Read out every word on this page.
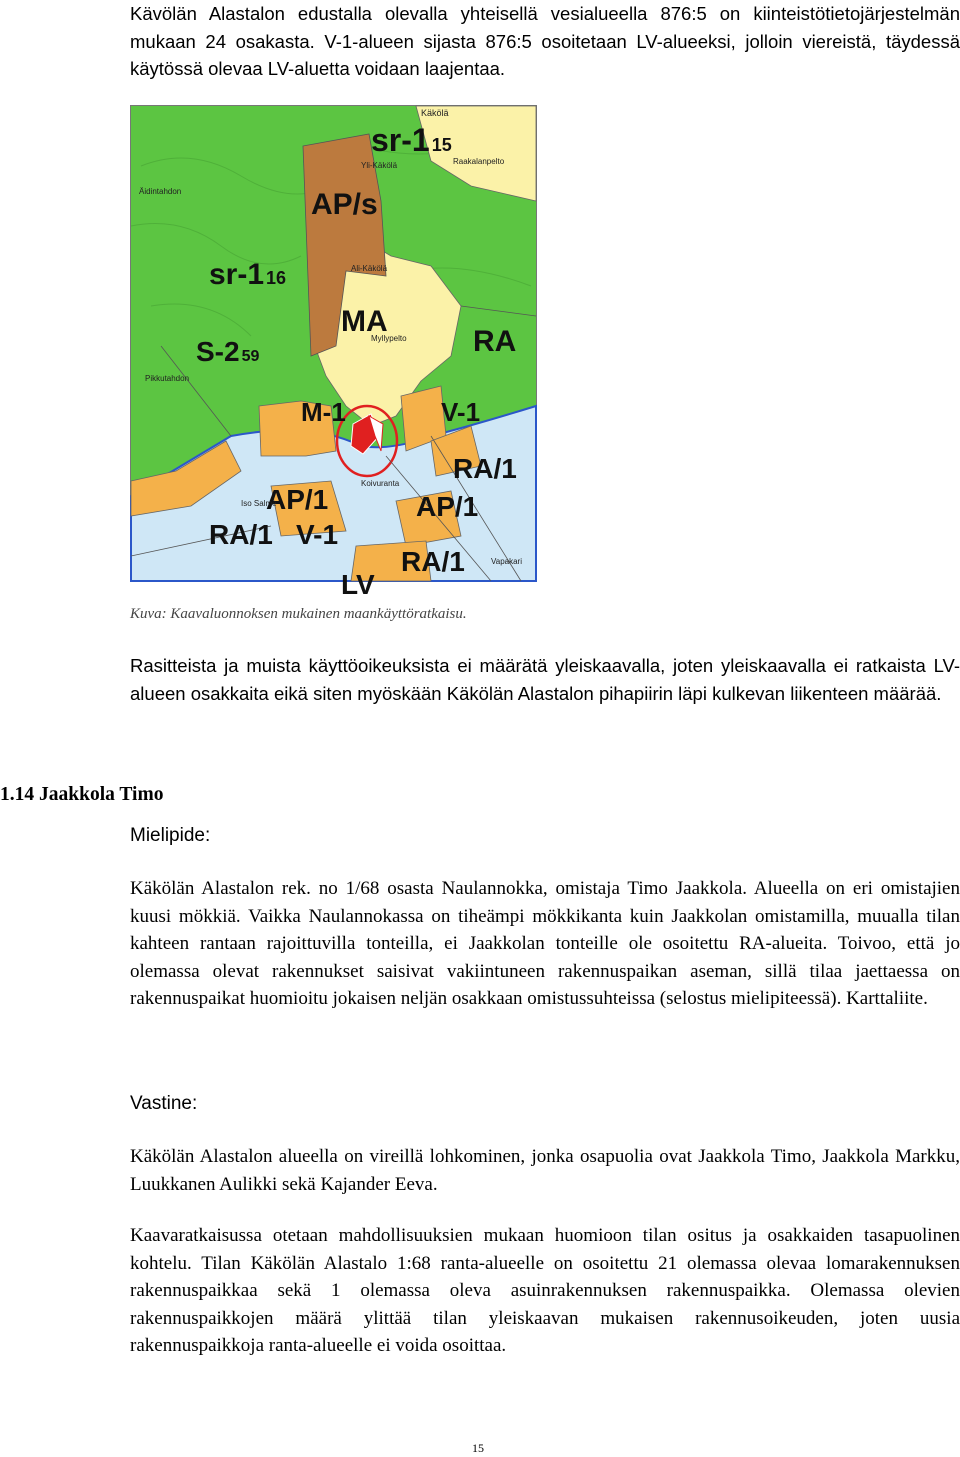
Kävölän Alastalon edustalla olevalla yhteisellä vesialueella 876:5 on kiinteistötietojärjestelmän mukaan 24 osakasta. V-1-alueen sijasta 876:5 osoitetaan LV-alueeksi, jolloin viereistä, täydessä käytössä olevaa LV-aluetta voidaan laajentaa.

sr-1 15
AP/s
sr-1 16
MA
RA
S-2 59
M-1	V-1
RA/1
AP/1	AP/1
RA/1 V-1
RA/1
LV
Käkölä
Yli-Käkölä	Raakalanpelto
Äidintahdon
Ali-Käkölä
Myllypelto
Pikkutahdon
Iso Salme
Koivuranta
Vapakari

Kuva: Kaavaluonnoksen mukainen maankäyttöratkaisu.

Rasitteista ja muista käyttöoikeuksista ei määrätä yleiskaavalla, joten yleiskaavalla ei ratkaista LV-alueen osakkaita eikä siten myöskään Käkölän Alastalon pihapiirin läpi kulkevan liikenteen määrää.

1.14 Jaakkola Timo

Mielipide:

Käkölän Alastalon rek. no 1/68 osasta Naulannokka, omistaja Timo Jaakkola. Alueella on eri omistajien kuusi mökkiä. Vaikka Naulannokassa on tiheämpi mökkikanta kuin Jaakkolan omistamilla, muualla tilan kahteen rantaan rajoittuvilla tonteilla, ei Jaakkolan tonteille ole osoitettu RA-alueita. Toivoo, että jo olemassa olevat rakennukset saisivat vakiintuneen rakennuspaikan aseman, sillä tilaa jaettaessa on rakennuspaikat huomioitu jokaisen neljän osakkaan omistussuhteissa (selostus mielipiteessä). Karttaliite.

Vastine:

Käkölän Alastalon alueella on vireillä lohkominen, jonka osapuolia ovat Jaakkola Timo, Jaakkola Markku, Luukkanen Aulikki sekä Kajander Eeva.

Kaavaratkaisussa otetaan mahdollisuuksien mukaan huomioon tilan ositus ja osakkaiden tasapuolinen kohtelu. Tilan Käkölän Alastalo 1:68 ranta-alueelle on osoitettu 21 olemassa olevaa lomarakennuksen rakennuspaikkaa sekä 1 olemassa oleva asuinrakennuksen rakennuspaikka. Olemassa olevien rakennuspaikkojen määrä ylittää tilan yleiskaavan mukaisen rakennusoikeuden, joten uusia rakennuspaikkoja ranta-alueelle ei voida osoittaa.

15
